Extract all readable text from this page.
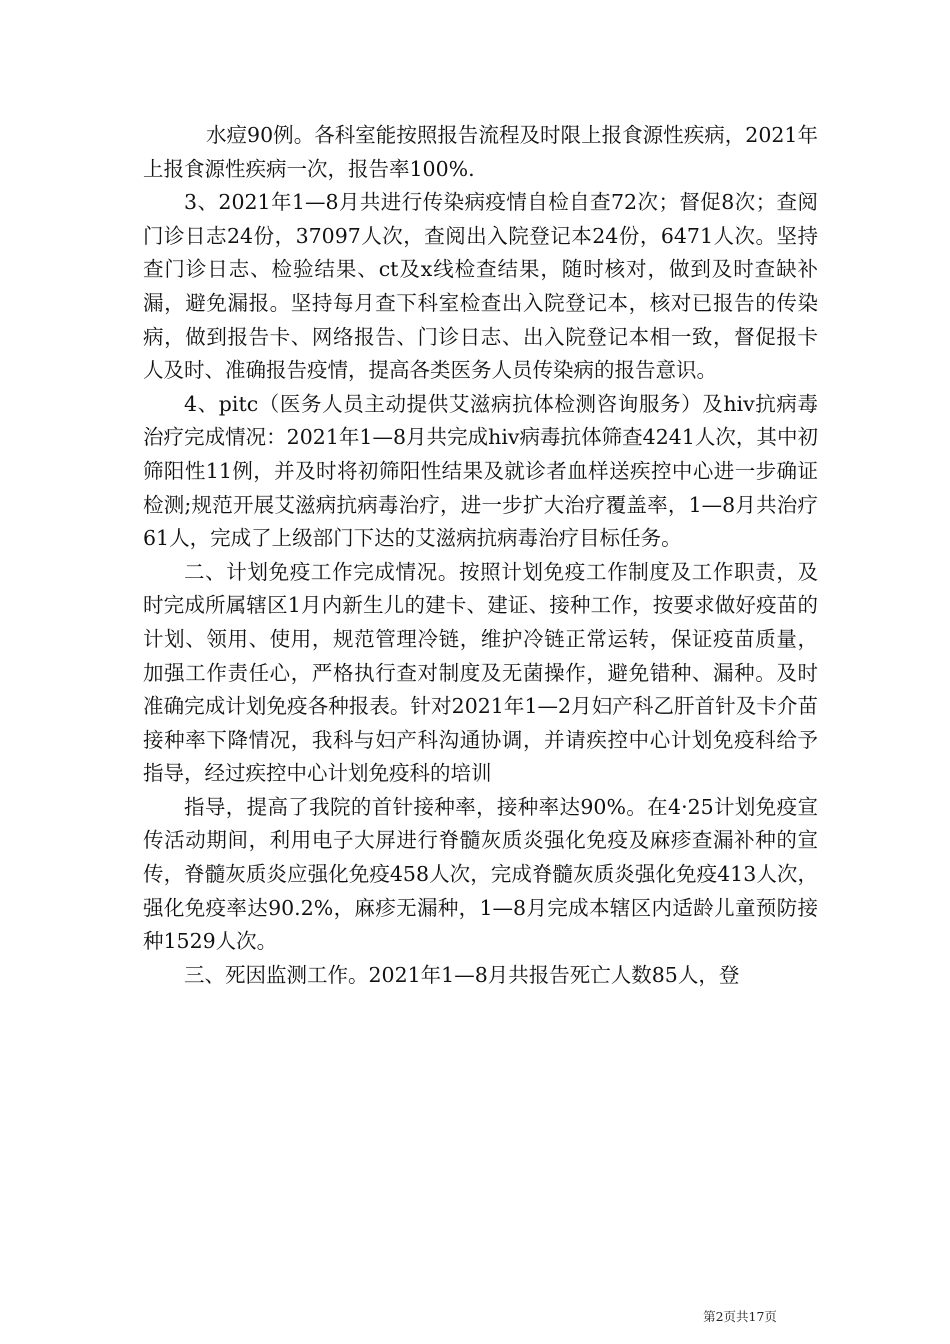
水痘90例。各科室能按照报告流程及时限上报食源性疾病，2021年上报食源性疾病一次，报告率100%.

3、2021年1—8月共进行传染病疫情自检自查72次；督促8次；查阅门诊日志24份，37097人次，查阅出入院登记本24份，6471人次。坚持查门诊日志、检验结果、ct及x线检查结果，随时核对，做到及时查缺补漏，避免漏报。坚持每月查下科室检查出入院登记本，核对已报告的传染病，做到报告卡、网络报告、门诊日志、出入院登记本相一致，督促报卡人及时、准确报告疫情，提高各类医务人员传染病的报告意识。

4、pitc（医务人员主动提供艾滋病抗体检测咨询服务）及hiv抗病毒治疗完成情况：2021年1—8月共完成hiv病毒抗体筛查4241人次，其中初筛阳性11例，并及时将初筛阳性结果及就诊者血样送疾控中心进一步确证检测;规范开展艾滋病抗病毒治疗，进一步扩大治疗覆盖率，1—8月共治疗61人，完成了上级部门下达的艾滋病抗病毒治疗目标任务。

二、计划免疫工作完成情况。按照计划免疫工作制度及工作职责，及时完成所属辖区1月内新生儿的建卡、建证、接种工作，按要求做好疫苗的计划、领用、使用，规范管理冷链，维护冷链正常运转，保证疫苗质量，加强工作责任心，严格执行查对制度及无菌操作，避免错种、漏种。及时准确完成计划免疫各种报表。针对2021年1—2月妇产科乙肝首针及卡介苗接种率下降情况，我科与妇产科沟通协调，并请疾控中心计划免疫科给予指导，经过疾控中心计划免疫科的培训

指导，提高了我院的首针接种率，接种率达90%。在4·25计划免疫宣传活动期间，利用电子大屏进行脊髓灰质炎强化免疫及麻疹查漏补种的宣传，脊髓灰质炎应强化免疫458人次，完成脊髓灰质炎强化免疫413人次，强化免疫率达90.2%，麻疹无漏种，1—8月完成本辖区内适龄儿童预防接种1529人次。

三、死因监测工作。2021年1—8月共报告死亡人数85人，登

第2页共17页
